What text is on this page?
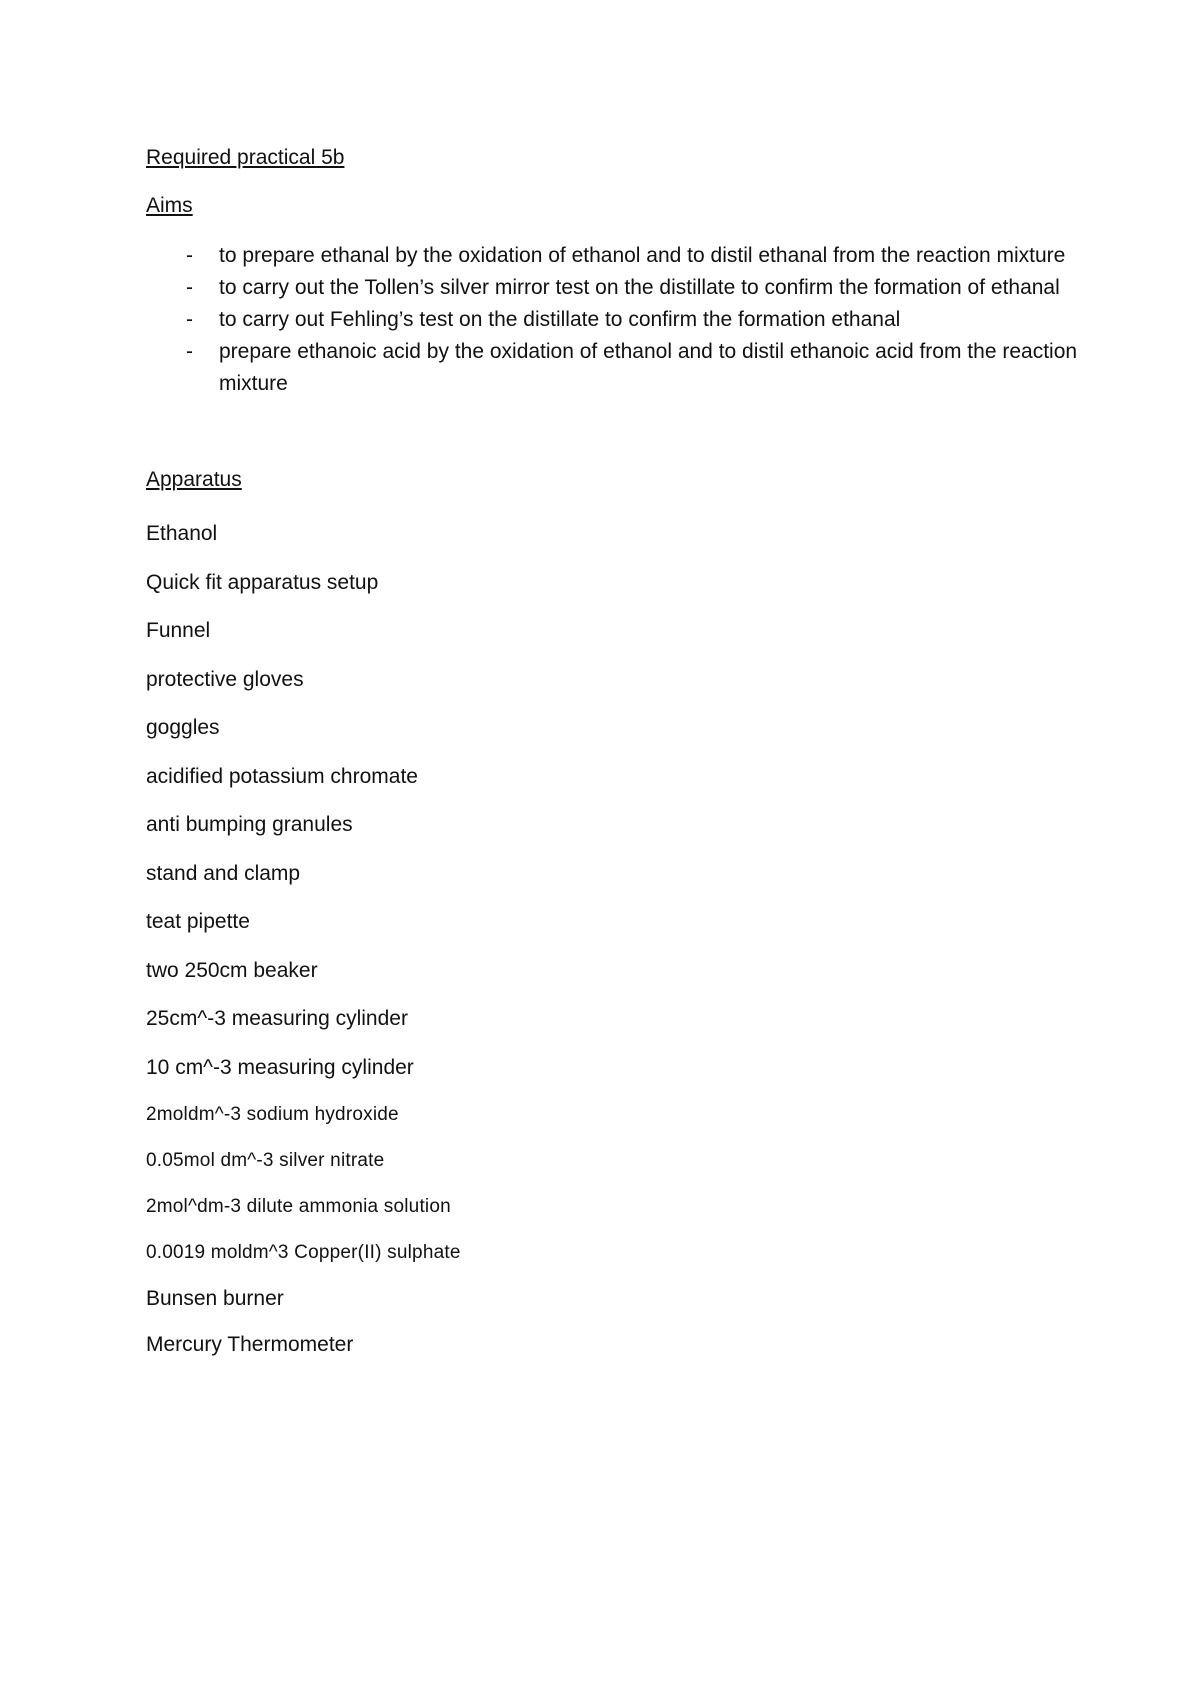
Required practical 5b

Aims

- to prepare ethanal by the oxidation of ethanol and to distil ethanal from the reaction mixture
- to carry out the Tollen’s silver mirror test on the distillate to confirm the formation of ethanal
- to carry out Fehling’s test on the distillate to confirm the formation ethanal
- prepare ethanoic acid by the oxidation of ethanol and to distil ethanoic acid from the reaction mixture

Apparatus

Ethanol
Quick fit apparatus setup
Funnel
protective gloves
goggles
acidified potassium chromate
anti bumping granules
stand and clamp
teat pipette
two 250cm beaker
25cm^-3 measuring cylinder
10 cm^-3 measuring cylinder
2moldm^-3 sodium hydroxide
0.05mol dm^-3 silver nitrate
2mol^dm-3 dilute ammonia solution
0.0019 moldm^3 Copper(II) sulphate
Bunsen burner
Mercury Thermometer
